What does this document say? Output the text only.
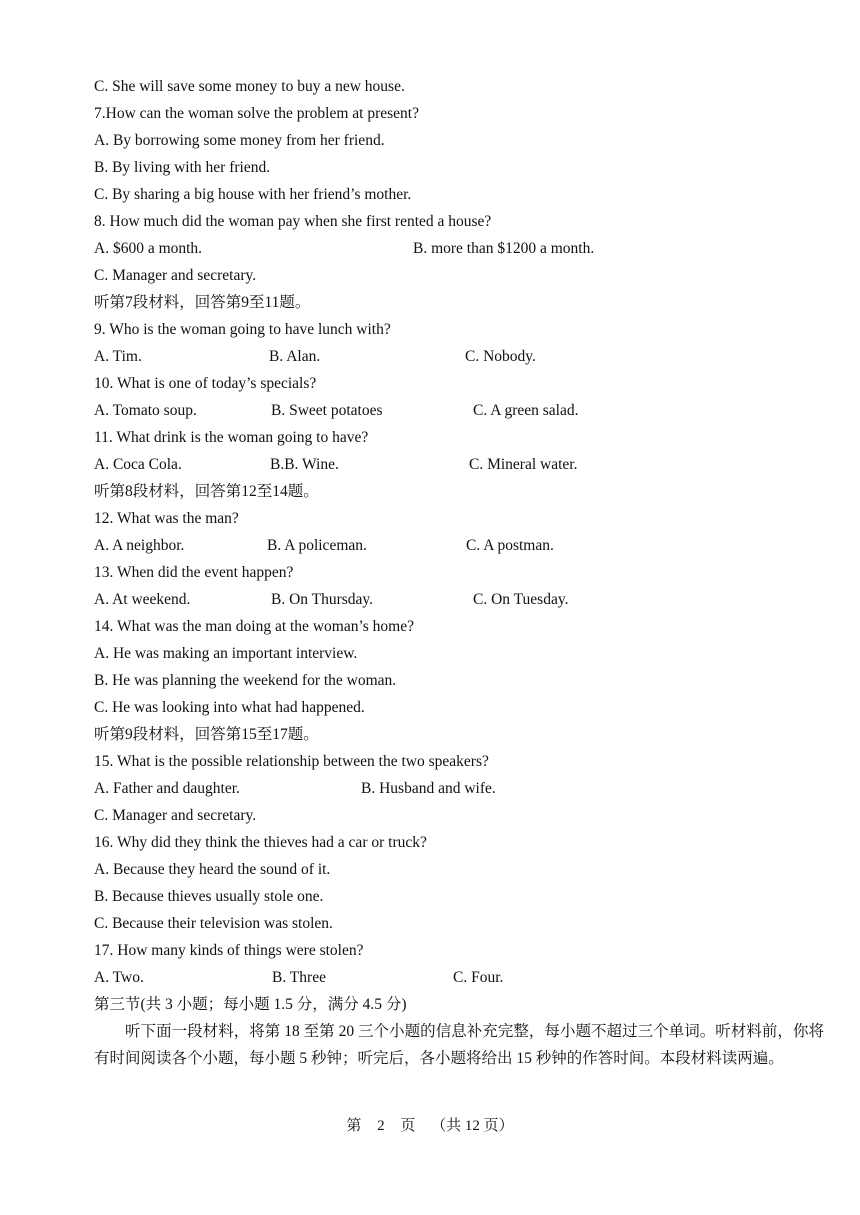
C. She will save some money to buy a new house.
7.How can the woman solve the problem at present?
A. By borrowing some money from her friend.
B. By living with her friend.
C. By sharing a big house with her friend’s mother.
8. How much did the woman pay when she first rented a house?
A. $600 a month.	B. more than $1200 a month.
C. Manager and secretary.
听第7段材料，回答第9至11题。
9. Who is the woman going to have lunch with?
A. Tim.	B. Alan.	C. Nobody.
10. What is one of today’s specials?
A. Tomato soup.	B. Sweet potatoes	C. A green salad.
11. What drink is the woman going to have?
A. Coca Cola.	B.B. Wine.	C. Mineral water.
听第8段材料，回答第12至14题。
12. What was the man?
A. A neighbor.	B. A policeman.	C. A postman.
13. When did the event happen?
A. At weekend.	B. On Thursday.	C. On Tuesday.
14. What was the man doing at the woman’s home?
A. He was making an important interview.
B. He was planning the weekend for the woman.
C. He was looking into what had happened.
听第9段材料，回答第15至17题。
15. What is the possible relationship between the two speakers?
A. Father and daughter.	B. Husband and wife.
C. Manager and secretary.
16. Why did they think the thieves had a car or truck?
A. Because they heard the sound of it.
B. Because thieves usually stole one.
C. Because their television was stolen.
17. How many kinds of things were stolen?
A. Two.	B. Three	C. Four.
第三节(共 3 小题；每小题 1.5 分，满分 4.5 分)
听下面一段材料，将第 18 至第 20 三个小题的信息补充完整，每小题不超过三个单词。听材料前，你将有时间阅读各个小题，每小题 5 秒钟；听完后，各小题将给出 15 秒钟的作答时间。本段材料读两遍。
第 2 页 （共 12 页）
